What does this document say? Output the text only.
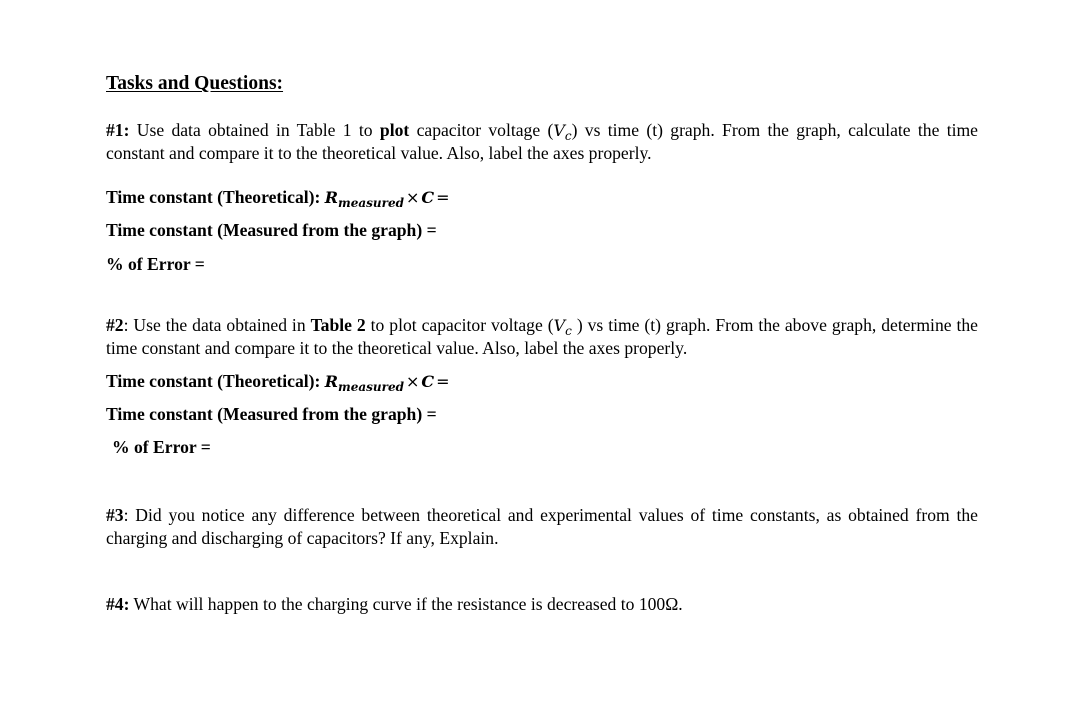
Tasks and Questions:
#1: Use data obtained in Table 1 to plot capacitor voltage $(V_c)$ vs time (t) graph. From the graph, calculate the time constant and compare it to the theoretical value. Also, label the axes properly.
Time constant (Theoretical): $R_{measured} \times C$ =
Time constant (Measured from the graph) =
% of Error =
#2: Use the data obtained in Table 2 to plot capacitor voltage ($V_c$ ) vs time (t) graph. From the above graph, determine the time constant and compare it to the theoretical value. Also, label the axes properly.
Time constant (Theoretical): $R_{measured} \times C$ =
Time constant (Measured from the graph) =
% of Error =
#3: Did you notice any difference between theoretical and experimental values of time constants, as obtained from the charging and discharging of capacitors? If any, Explain.
#4: What will happen to the charging curve if the resistance is decreased to 100Ω.
